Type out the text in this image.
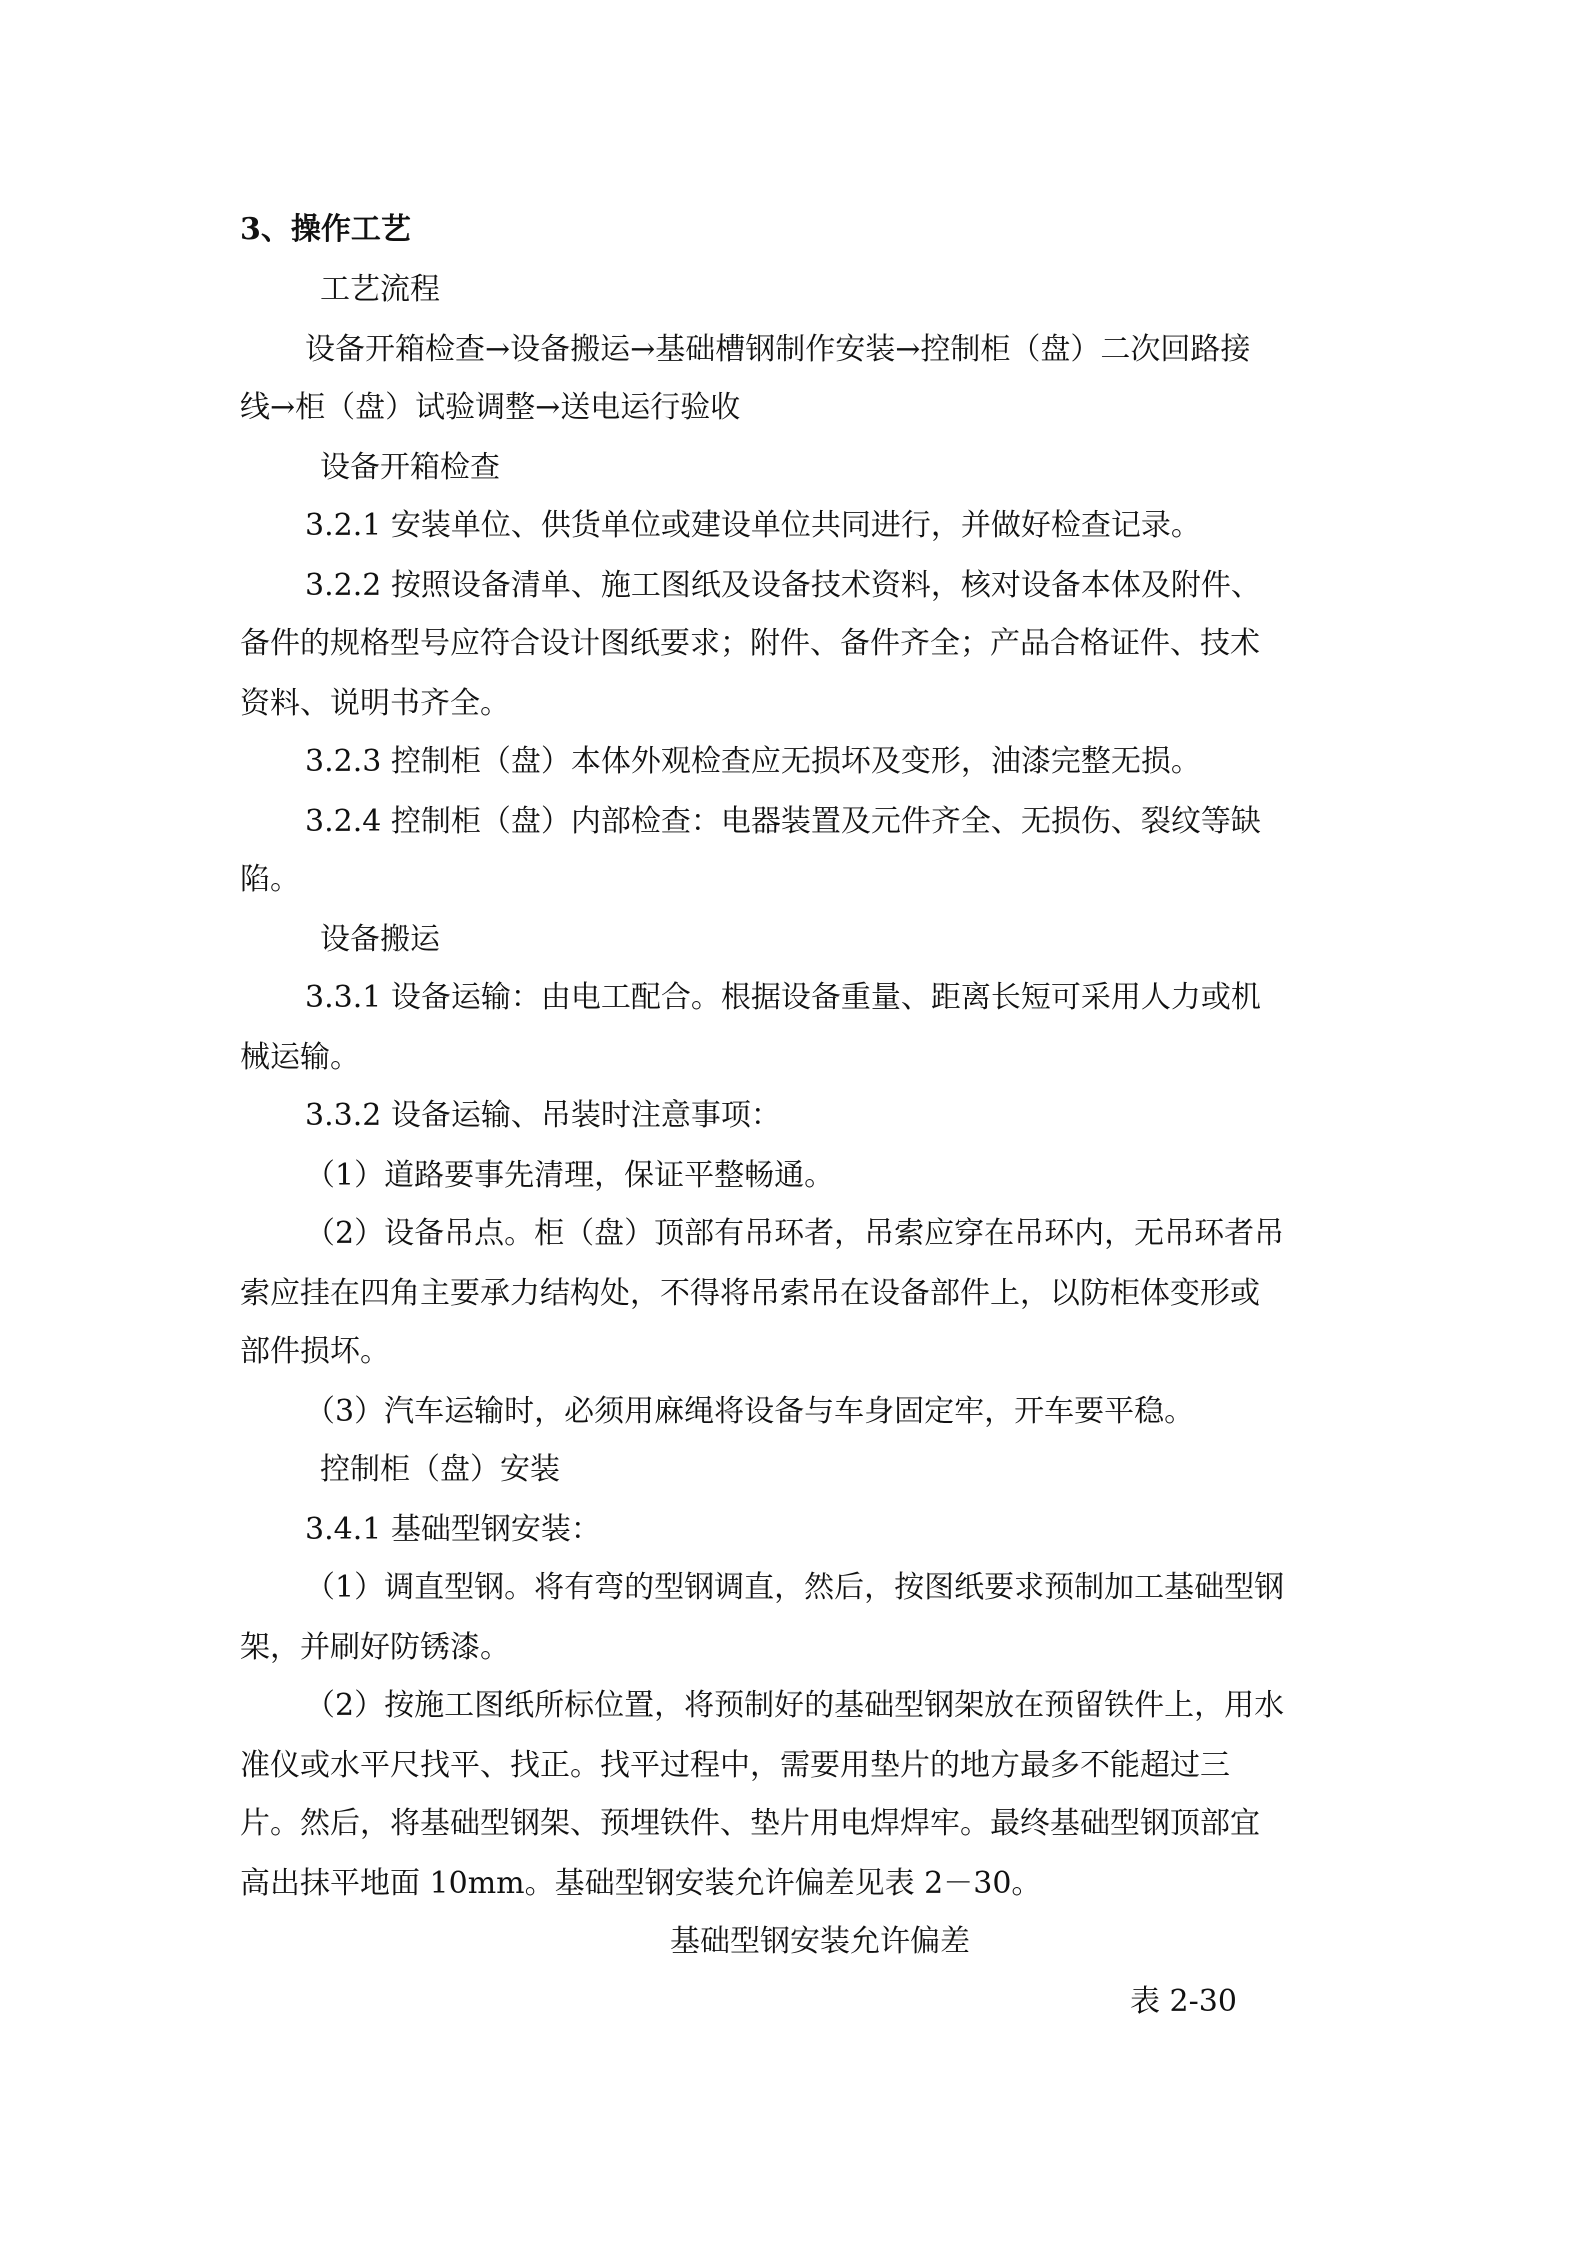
3、操作工艺
工艺流程
设备开箱检查→设备搬运→基础槽钢制作安装→控制柜（盘）二次回路接
线→柜（盘）试验调整→送电运行验收
设备开箱检查
3.2.1 安装单位、供货单位或建设单位共同进行，并做好检查记录。
3.2.2 按照设备清单、施工图纸及设备技术资料，核对设备本体及附件、
备件的规格型号应符合设计图纸要求；附件、备件齐全；产品合格证件、技术
资料、说明书齐全。
3.2.3 控制柜（盘）本体外观检查应无损坏及变形，油漆完整无损。
3.2.4 控制柜（盘）内部检查：电器装置及元件齐全、无损伤、裂纹等缺
陷。
设备搬运
3.3.1 设备运输：由电工配合。根据设备重量、距离长短可采用人力或机
械运输。
3.3.2 设备运输、吊装时注意事项：
（1）道路要事先清理，保证平整畅通。
（2）设备吊点。柜（盘）顶部有吊环者，吊索应穿在吊环内，无吊环者吊
索应挂在四角主要承力结构处，不得将吊索吊在设备部件上，以防柜体变形或
部件损坏。
（3）汽车运输时，必须用麻绳将设备与车身固定牢，开车要平稳。
控制柜（盘）安装
3.4.1 基础型钢安装：
（1）调直型钢。将有弯的型钢调直，然后，按图纸要求预制加工基础型钢
架，并刷好防锈漆。
（2）按施工图纸所标位置，将预制好的基础型钢架放在预留铁件上，用水
准仪或水平尺找平、找正。找平过程中，需要用垫片的地方最多不能超过三
片。然后，将基础型钢架、预埋铁件、垫片用电焊焊牢。最终基础型钢顶部宜
高出抹平地面 10mm。基础型钢安装允许偏差见表 2－30。
基础型钢安装允许偏差
表 2-30
